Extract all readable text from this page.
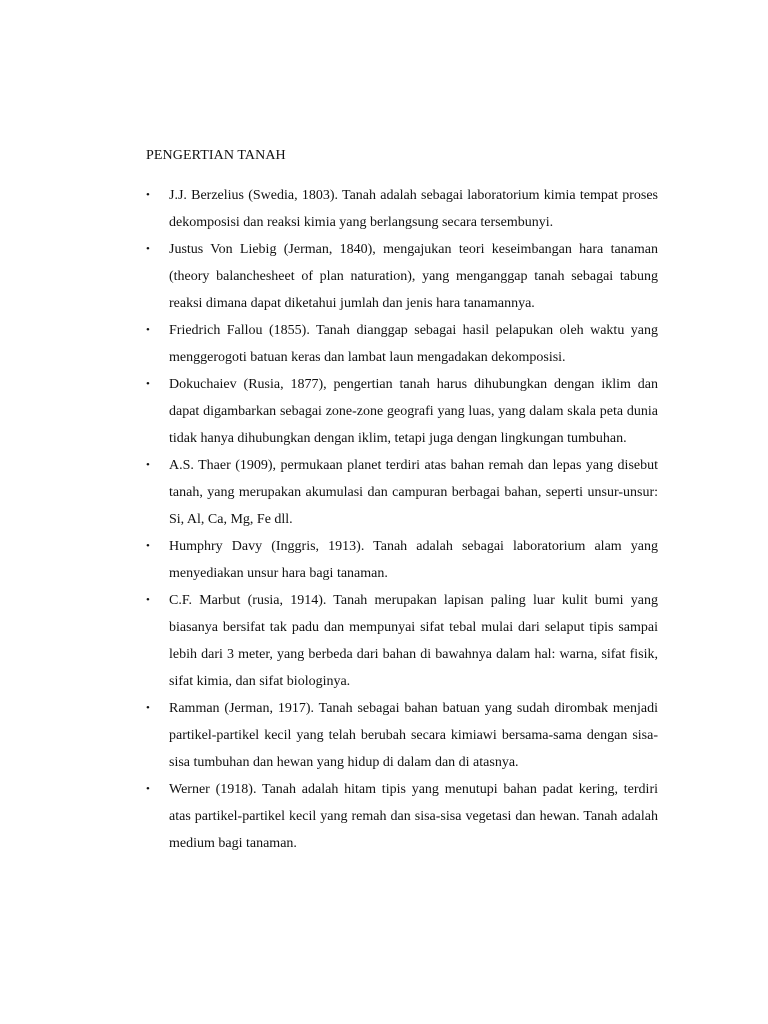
PENGERTIAN TANAH
• J.J. Berzelius (Swedia, 1803). Tanah adalah sebagai laboratorium kimia tempat proses dekomposisi dan reaksi kimia yang berlangsung secara tersembunyi.
• Justus Von Liebig (Jerman, 1840), mengajukan teori keseimbangan hara tanaman (theory balanchesheet of plan naturation), yang menganggap tanah sebagai tabung reaksi dimana dapat diketahui jumlah dan jenis hara tanamannya.
• Friedrich Fallou (1855). Tanah dianggap sebagai hasil pelapukan oleh waktu yang menggerogoti batuan keras dan lambat laun mengadakan dekomposisi.
• Dokuchaiev (Rusia, 1877), pengertian tanah harus dihubungkan dengan iklim dan dapat digambarkan sebagai zone-zone geografi yang luas, yang dalam skala peta dunia tidak hanya dihubungkan dengan iklim, tetapi juga dengan lingkungan tumbuhan.
• A.S. Thaer (1909), permukaan planet terdiri atas bahan remah dan lepas yang disebut tanah, yang merupakan akumulasi dan campuran berbagai bahan, seperti unsur-unsur: Si, Al, Ca, Mg, Fe dll.
• Humphry Davy (Inggris, 1913). Tanah adalah sebagai laboratorium alam yang menyediakan unsur hara bagi tanaman.
• C.F. Marbut (rusia, 1914). Tanah merupakan lapisan paling luar kulit bumi yang biasanya bersifat tak padu dan mempunyai sifat tebal mulai dari selaput tipis sampai lebih dari 3 meter, yang berbeda dari bahan di bawahnya dalam hal: warna, sifat fisik, sifat kimia, dan sifat biologinya.
• Ramman (Jerman, 1917). Tanah sebagai bahan batuan yang sudah dirombak menjadi partikel-partikel kecil yang telah berubah secara kimiawi bersama-sama dengan sisa-sisa tumbuhan dan hewan yang hidup di dalam dan di atasnya.
• Werner (1918). Tanah adalah hitam tipis yang menutupi bahan padat kering, terdiri atas partikel-partikel kecil yang remah dan sisa-sisa vegetasi dan hewan. Tanah adalah medium bagi tanaman.
